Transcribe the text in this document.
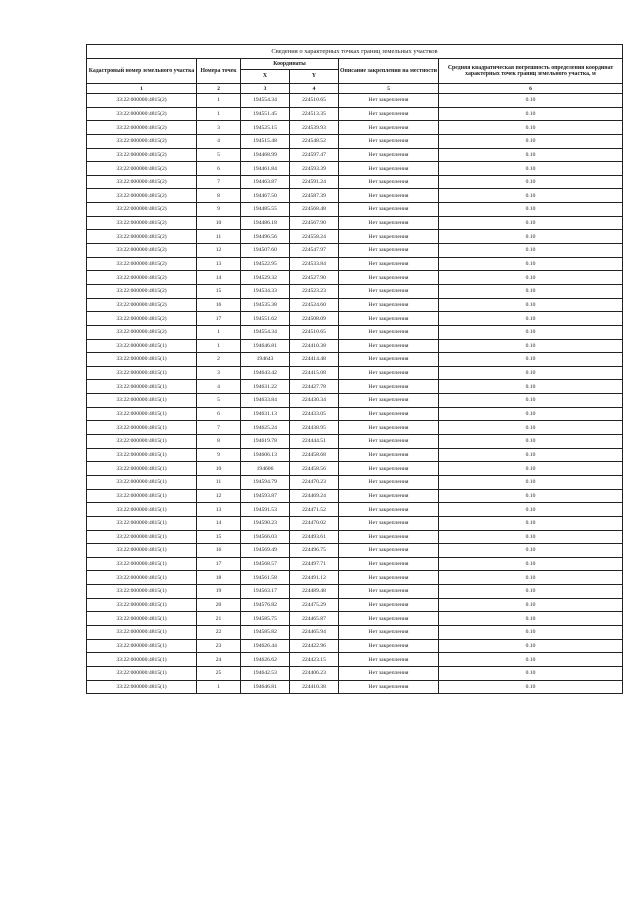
Сведения о характерных точках границ земельных участков					
Кадастровый номер земельного участка	Номера точек	Координаты		Описание закрепления на местности	Средняя квадратическая погрешность определения координат характерных точек границ земельного участка, м
		X	Y		
1	2	3	4	5	6
33:22:000000:4815(2)	1	194554.34	224510.65	Нет закрепления	0.10
33:22:000000:4815(2)	1	194551.45	224513.35	Нет закрепления	0.10
33:22:000000:4815(2)	3	194525.15	224539.93	Нет закрепления	0.10
33:22:000000:4815(2)	4	194515.48	224548.52	Нет закрепления	0.10
33:22:000000:4815(2)	5	194468.99	224597.47	Нет закрепления	0.10
33:22:000000:4815(2)	6	194461.84	224593.39	Нет закрепления	0.10
33:22:000000:4815(2)	7	194463.87	224591.24	Нет закрепления	0.10
33:22:000000:4815(2)	8	194467.50	224587.39	Нет закрепления	0.10
33:22:000000:4815(2)	9	194485.55	224568.48	Нет закрепления	0.10
33:22:000000:4815(2)	10	194486.18	224567.90	Нет закрепления	0.10
33:22:000000:4815(2)	11	194496.56	224558.24	Нет закрепления	0.10
33:22:000000:4815(2)	12	194507.60	224547.97	Нет закрепления	0.10
33:22:000000:4815(2)	13	194522.95	224533.84	Нет закрепления	0.10
33:22:000000:4815(2)	14	194529.32	224527.90	Нет закрепления	0.10
33:22:000000:4815(2)	15	194534.33	224523.23	Нет закрепления	0.10
33:22:000000:4815(2)	16	194535.38	224524.60	Нет закрепления	0.10
33:22:000000:4815(2)	17	194551.62	224508.09	Нет закрепления	0.10
33:22:000000:4815(2)	1	194554.34	224510.65	Нет закрепления	0.10
33:22:000000:4815(1)	1	194646.81	224410.38	Нет закрепления	0.10
33:22:000000:4815(1)	2	194643	224414.48	Нет закрепления	0.10
33:22:000000:4815(1)	3	194643.42	224415.08	Нет закрепления	0.10
33:22:000000:4815(1)	4	194631.22	224427.78	Нет закрепления	0.10
33:22:000000:4815(1)	5	194633.84	224430.34	Нет закрепления	0.10
33:22:000000:4815(1)	6	194631.13	224433.05	Нет закрепления	0.10
33:22:000000:4815(1)	7	194625.24	224438.95	Нет закрепления	0.10
33:22:000000:4815(1)	8	194619.78	224444.51	Нет закрепления	0.10
33:22:000000:4815(1)	9	194606.13	224458.68	Нет закрепления	0.10
33:22:000000:4815(1)	10	194606	224458.56	Нет закрепления	0.10
33:22:000000:4815(1)	11	194594.79	224470.23	Нет закрепления	0.10
33:22:000000:4815(1)	12	194593.87	224469.24	Нет закрепления	0.10
33:22:000000:4815(1)	13	194591.53	224471.52	Нет закрепления	0.10
33:22:000000:4815(1)	14	194590.23	224470.02	Нет закрепления	0.10
33:22:000000:4815(1)	15	194566.03	224493.61	Нет закрепления	0.10
33:22:000000:4815(1)	16	194569.49	224496.75	Нет закрепления	0.10
33:22:000000:4815(1)	17	194568.57	224497.71	Нет закрепления	0.10
33:22:000000:4815(1)	18	194561.58	224491.12	Нет закрепления	0.10
33:22:000000:4815(1)	19	194563.17	224489.48	Нет закрепления	0.10
33:22:000000:4815(1)	20	194576.82	224475.29	Нет закрепления	0.10
33:22:000000:4815(1)	21	194585.75	224465.87	Нет закрепления	0.10
33:22:000000:4815(1)	22	194585.82	224465.94	Нет закрепления	0.10
33:22:000000:4815(1)	23	194626.44	224422.96	Нет закрепления	0.10
33:22:000000:4815(1)	24	194626.62	224423.15	Нет закрепления	0.10
33:22:000000:4815(1)	25	194642.53	224406.23	Нет закрепления	0.10
33:22:000000:4815(1)	1	194646.81	224410.38	Нет закрепления	0.10
